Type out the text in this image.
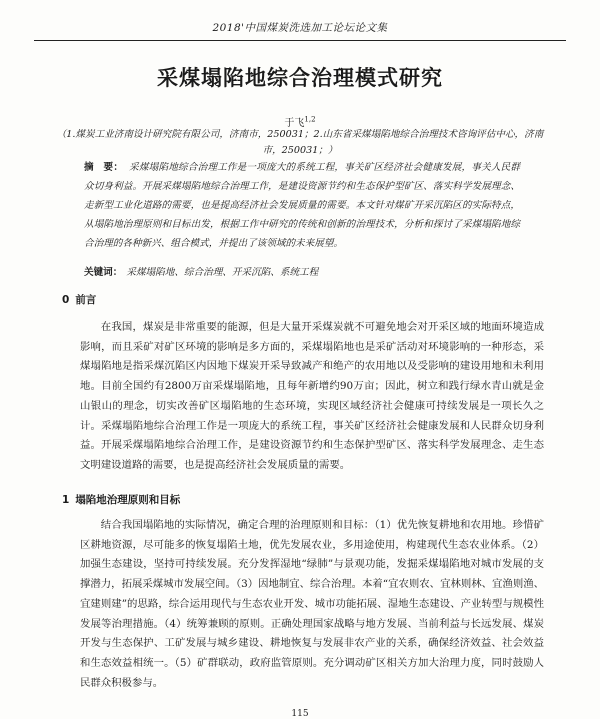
2018'中国煤炭洗选加工论坛论文集
采煤塌陷地综合治理模式研究
于飞$^{1,2}$
（1.煤炭工业济南设计研究院有限公司，济南市，250031；2.山东省采煤塌陷地综合治理技术咨询评估中心，济南市，250031；）
摘　要： 采煤塌陷地综合治理工作是一项庞大的系统工程，事关矿区经济社会健康发展，事关人民群众切身利益。开展采煤塌陷地综合治理工作，是建设资源节约和生态保护型矿区、落实科学发展理念、走新型工业化道路的需要，也是提高经济社会发展质量的需要。本文针对煤矿开采沉陷区的实际特点，从塌陷地治理原则和目标出发，根据工作中研究的传统和创新的治理技术，分析和探讨了采煤塌陷地综合治理的各种新兴、组合模式，并提出了该领域的未来展望。
关键词： 采煤塌陷地、综合治理、开采沉陷、系统工程
0 前言
在我国，煤炭是非常重要的能源，但是大量开采煤炭就不可避免地会对开采区域的地面环境造成影响，而且采矿对矿区环境的影响是多方面的，采煤塌陷地也是采矿活动对环境影响的一种形态，采煤塌陷地是指采煤沉陷区内因地下煤炭开采导致减产和绝产的农用地以及受影响的建设用地和未利用地。目前全国约有2800万亩采煤塌陷地，且每年新增约90万亩；因此，树立和践行绿水青山就是金山银山的理念，切实改善矿区塌陷地的生态环境，实现区域经济社会健康可持续发展是一项长久之计。采煤塌陷地综合治理工作是一项庞大的系统工程，事关矿区经济社会健康发展和人民群众切身利益。开展采煤塌陷地综合治理工作，是建设资源节约和生态保护型矿区、落实科学发展理念、走生态文明建设道路的需要，也是提高经济社会发展质量的需要。
1 塌陷地治理原则和目标
结合我国塌陷地的实际情况，确定合理的治理原则和目标：（1）优先恢复耕地和农用地。珍惜矿区耕地资源，尽可能多的恢复塌陷土地，优先发展农业，多用途使用，构建现代生态农业体系。（2）加强生态建设，坚持可持续发展。充分发挥湿地“绿肺”与景观功能，发掘采煤塌陷地对城市发展的支撑潜力，拓展采煤城市发展空间。（3）因地制宜、综合治理。本着“宜农则农、宜林则林、宜渔则渔、宜建则建”的思路，综合运用现代与生态农业开发、城市功能拓展、湿地生态建设、产业转型与规模性发展等治理措施。（4）统筹兼顾的原则。正确处理国家战略与地方发展、当前利益与长远发展、煤炭开发与生态保护、工矿发展与城乡建设、耕地恢复与发展非农产业的关系，确保经济效益、社会效益和生态效益相统一。（5）矿群联动，政府监管原则。充分调动矿区相关方加大治理力度，同时鼓励人民群众积极参与。
115
